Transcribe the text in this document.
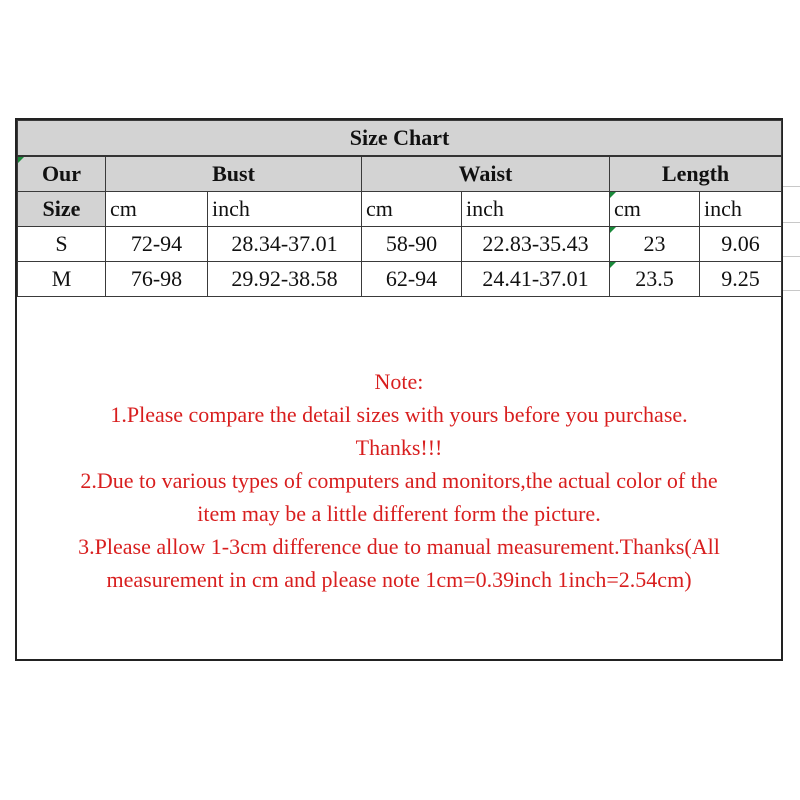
Size Chart						
Our	Bust		Waist		Length	
Size	cm	inch	cm	inch	cm	inch
S	72-94	28.34-37.01	58-90	22.83-35.43	23	9.06
M	76-98	29.92-38.58	62-94	24.41-37.01	23.5	9.25
Note:
1.Please compare the detail sizes with yours before you purchase.
Thanks!!!
2.Due to various types of computers and monitors,the actual color of the
item may be a little different form the picture.
3.Please allow 1-3cm difference due to manual measurement.Thanks(All
measurement in cm and please note 1cm=0.39inch 1inch=2.54cm)
